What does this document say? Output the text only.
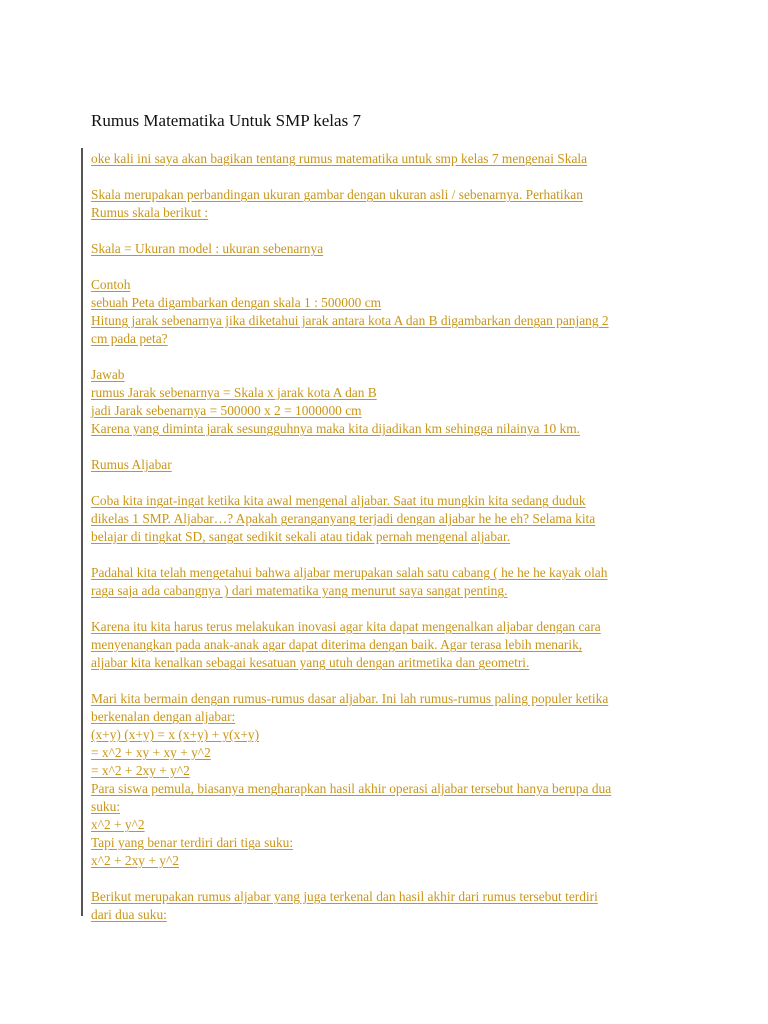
Rumus Matematika Untuk SMP kelas 7
oke kali ini saya akan bagikan tentang rumus matematika untuk smp kelas 7 mengenai Skala
Skala merupakan perbandingan ukuran gambar dengan ukuran asli / sebenarnya. Perhatikan
Rumus skala berikut :
Skala = Ukuran model : ukuran sebenarnya
Contoh
sebuah Peta digambarkan dengan skala 1 : 500000 cm
Hitung jarak sebenarnya jika diketahui jarak antara kota A dan B digambarkan dengan panjang 2
cm pada peta?
Jawab
rumus Jarak sebenarnya = Skala x jarak kota A dan B
jadi Jarak sebenarnya = 500000 x 2 = 1000000 cm
Karena yang diminta jarak sesungguhnya maka kita dijadikan km sehingga nilainya 10 km.
Rumus Aljabar
Coba kita ingat-ingat ketika kita awal mengenal aljabar. Saat itu mungkin kita sedang duduk
dikelas 1 SMP. Aljabar…? Apakah geranganyang terjadi dengan aljabar he he eh? Selama kita
belajar di tingkat SD, sangat sedikit sekali atau tidak pernah mengenal aljabar.
Padahal kita telah mengetahui bahwa aljabar merupakan salah satu cabang ( he he he kayak olah
raga saja ada cabangnya ) dari matematika yang menurut saya sangat penting.
Karena itu kita harus terus melakukan inovasi agar kita dapat mengenalkan aljabar dengan cara
menyenangkan pada anak-anak agar dapat diterima dengan baik. Agar terasa lebih menarik,
aljabar kita kenalkan sebagai kesatuan yang utuh dengan aritmetika dan geometri.
Mari kita bermain dengan rumus-rumus dasar aljabar. Ini lah rumus-rumus paling populer ketika
berkenalan dengan aljabar:
(x+y) (x+y) = x (x+y) + y(x+y)
= x^2 + xy + xy + y^2
= x^2 + 2xy + y^2
Para siswa pemula, biasanya mengharapkan hasil akhir operasi aljabar tersebut hanya berupa dua
suku:
x^2 + y^2
Tapi yang benar terdiri dari tiga suku:
x^2 + 2xy + y^2
Berikut merupakan rumus aljabar yang juga terkenal dan hasil akhir dari rumus tersebut terdiri
dari dua suku:
